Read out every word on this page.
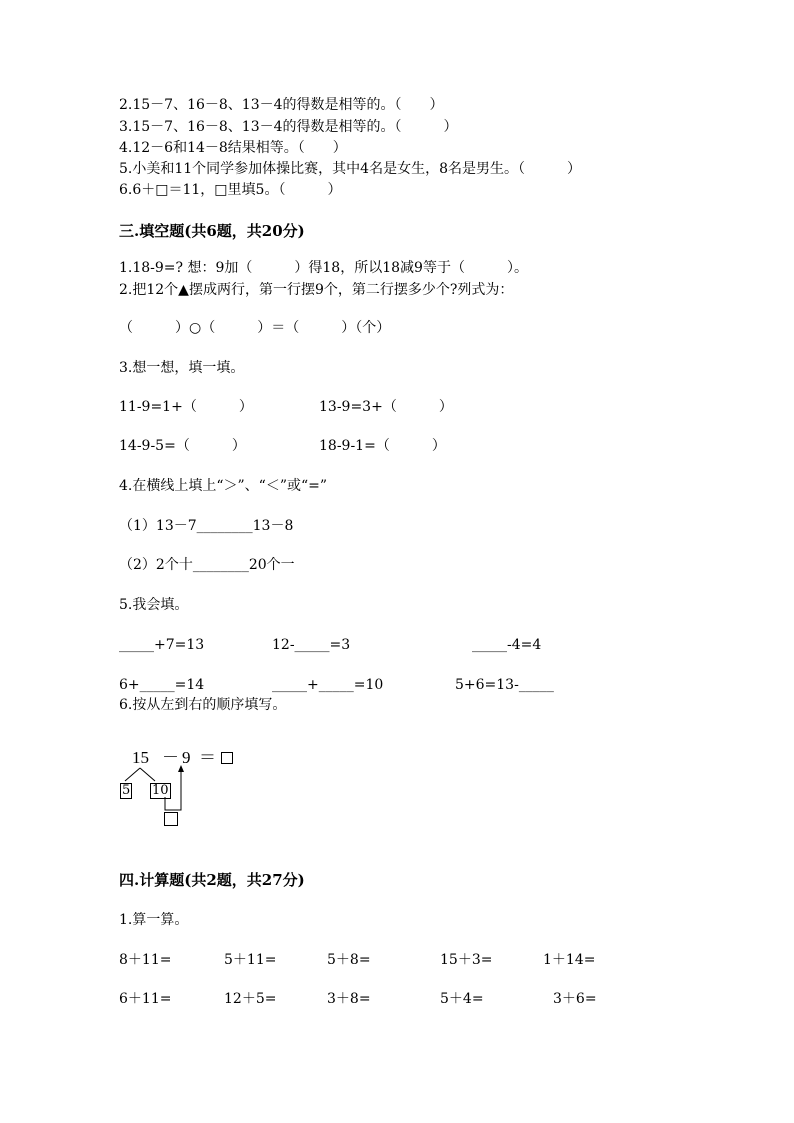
2.15－7、16－8、13－4的得数是相等的。（　　）
3.15－7、16－8、13－4的得数是相等的。（　　　）
4.12－6和14－8结果相等。（　　）
5.小美和11个同学参加体操比赛，其中4名是女生，8名是男生。（　　　）
6.6＋□＝11，□里填5。（　　　）
三.填空题(共6题，共20分)
1.18-9=? 想：9加（　　　）得18，所以18减9等于（　　　）。
2.把12个▲摆成两行，第一行摆9个，第二行摆多少个?列式为：
（　　　）○（　　　）＝（　　　）（个）
3.想一想，填一填。
11-9=1+（　　　）	13-9=3+（　　　）
14-9-5=（　　　）	18-9-1=（　　　）
4.在横线上填上“＞”、“＜”或“=”
（1）13－7________13－8
（2）2个十________20个一
5.我会填。
_____+7=13	12-_____=3	_____-4=4
6+_____=14	_____+_____=10	5+6=13-_____
6.按从左到右的顺序填写。
15 － 9 ＝
5 10
四.计算题(共2题，共27分)
1.算一算。
8＋11=	5＋11=	5＋8=	15＋3=	1＋14=
6＋11=	12＋5=	3＋8=	5＋4=	3＋6=
